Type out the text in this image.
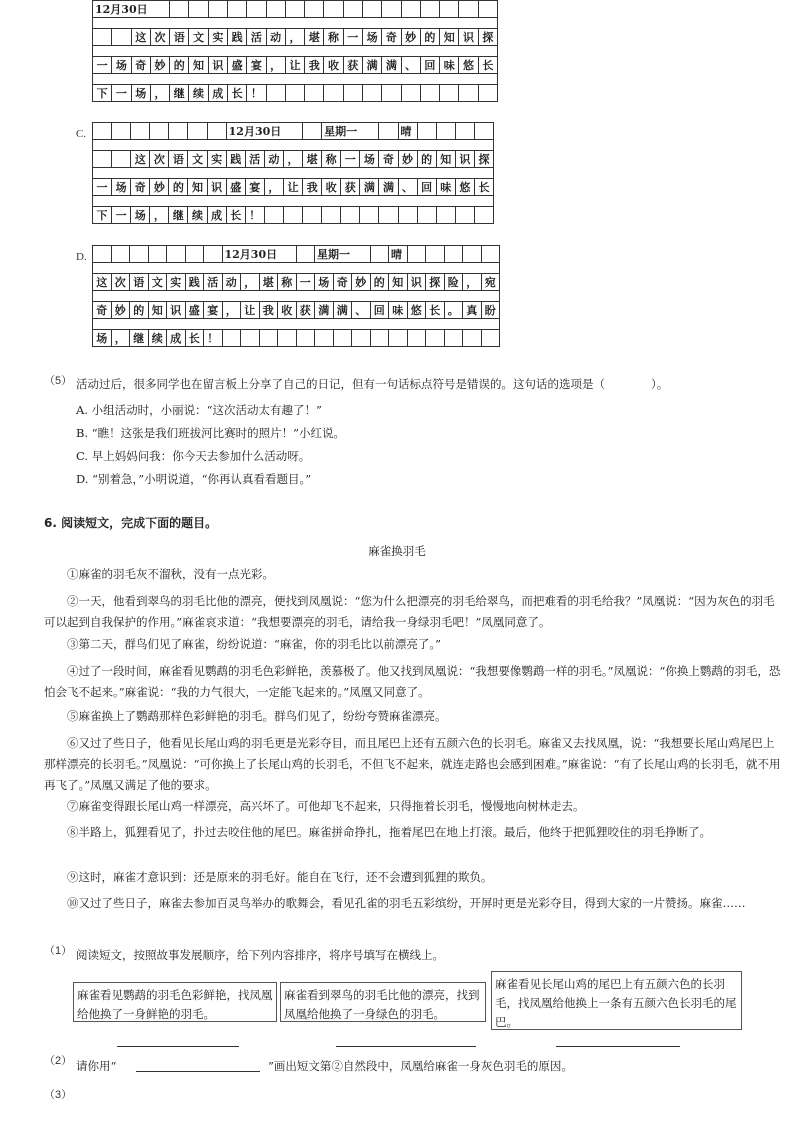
12月30日																				

		这	次	语	文	实	践	活	动	，	堪	称	一	场	奇	妙	的	知	识	探

一	场	奇	妙	的	知	识	盛	宴	，	让	我	收	获	满	满	、	回	味	悠	长

下	一	场	，	继	续	成	长	！												
C.
								12月30日					星期一				晴				

		这	次	语	文	实	践	活	动	，	堪	称	一	场	奇	妙	的	知	识	探

一	场	奇	妙	的	知	识	盛	宴	，	让	我	收	获	满	满	、	回	味	悠	长

下	一	场	，	继	续	成	长	！												
D.
								12月30日					星期一				晴					

这	次	语	文	实	践	活	动	，	堪	称	一	场	奇	妙	的	知	识	探	险	，	宛

奇	妙	的	知	识	盛	宴	，	让	我	收	获	满	满	、	回	味	悠	长	。	真	盼

场	，	继	续	成	长	！															
（5） 活动过后，很多同学也在留言板上分享了自己的日记，但有一句话标点符号是错误的。这句话的选项是（　　　　）。
A. 小组活动时，小丽说：“这次活动太有趣了！”
B. “瞧！这张是我们班拔河比赛时的照片！”小红说。
C. 早上妈妈问我：你今天去参加什么活动呀。
D. “别着急，”小明说道，“你再认真看看题目。”
6. 阅读短文，完成下面的题目。
麻雀换羽毛
①麻雀的羽毛灰不溜秋，没有一点光彩。
②一天，他看到翠鸟的羽毛比他的漂亮，便找到凤凰说：“您为什么把漂亮的羽毛给翠鸟，而把难看的羽毛给我？”凤凰说：“因为灰色的羽毛可以起到自我保护的作用。”麻雀哀求道：“我想要漂亮的羽毛，请给我一身绿羽毛吧！”凤凰同意了。
③第二天，群鸟们见了麻雀，纷纷说道：“麻雀，你的羽毛比以前漂亮了。”
④过了一段时间，麻雀看见鹦鹉的羽毛色彩鲜艳，羡慕极了。他又找到凤凰说：“我想要像鹦鹉一样的羽毛。”凤凰说：“你换上鹦鹉的羽毛，恐怕会飞不起来。”麻雀说：“我的力气很大，一定能飞起来的。”凤凰又同意了。
⑤麻雀换上了鹦鹉那样色彩鲜艳的羽毛。群鸟们见了，纷纷夸赞麻雀漂亮。
⑥又过了些日子，他看见长尾山鸡的羽毛更是光彩夺目，而且尾巴上还有五颜六色的长羽毛。麻雀又去找凤凰，说：“我想要长尾山鸡尾巴上那样漂亮的长羽毛。”凤凰说：“可你换上了长尾山鸡的长羽毛，不但飞不起来，就连走路也会感到困难。”麻雀说：“有了长尾山鸡的长羽毛，就不用再飞了。”凤凰又满足了他的要求。
⑦麻雀变得跟长尾山鸡一样漂亮，高兴坏了。可他却飞不起来，只得拖着长羽毛，慢慢地向树林走去。
⑧半路上，狐狸看见了，扑过去咬住他的尾巴。麻雀拼命挣扎，拖着尾巴在地上打滚。最后，他终于把狐狸咬住的羽毛挣断了。
⑨这时，麻雀才意识到：还是原来的羽毛好。能自在飞行，还不会遭到狐狸的欺负。
⑩又过了些日子，麻雀去参加百灵鸟举办的歌舞会，看见孔雀的羽毛五彩缤纷，开屏时更是光彩夺目，得到大家的一片赞扬。麻雀……
（1） 阅读短文，按照故事发展顺序，给下列内容排序，将序号填写在横线上。
麻雀看见鹦鹉的羽毛色彩鲜艳，找凤凰给他换了一身鲜艳的羽毛。
麻雀看到翠鸟的羽毛比他的漂亮，找到凤凰给他换了一身绿色的羽毛。
麻雀看见长尾山鸡的尾巴上有五颜六色的长羽毛，找凤凰给他换上一条有五颜六色长羽毛的尾巴。
（2） 请你用“	”画出短文第②自然段中，凤凰给麻雀一身灰色羽毛的原因。
（3）
